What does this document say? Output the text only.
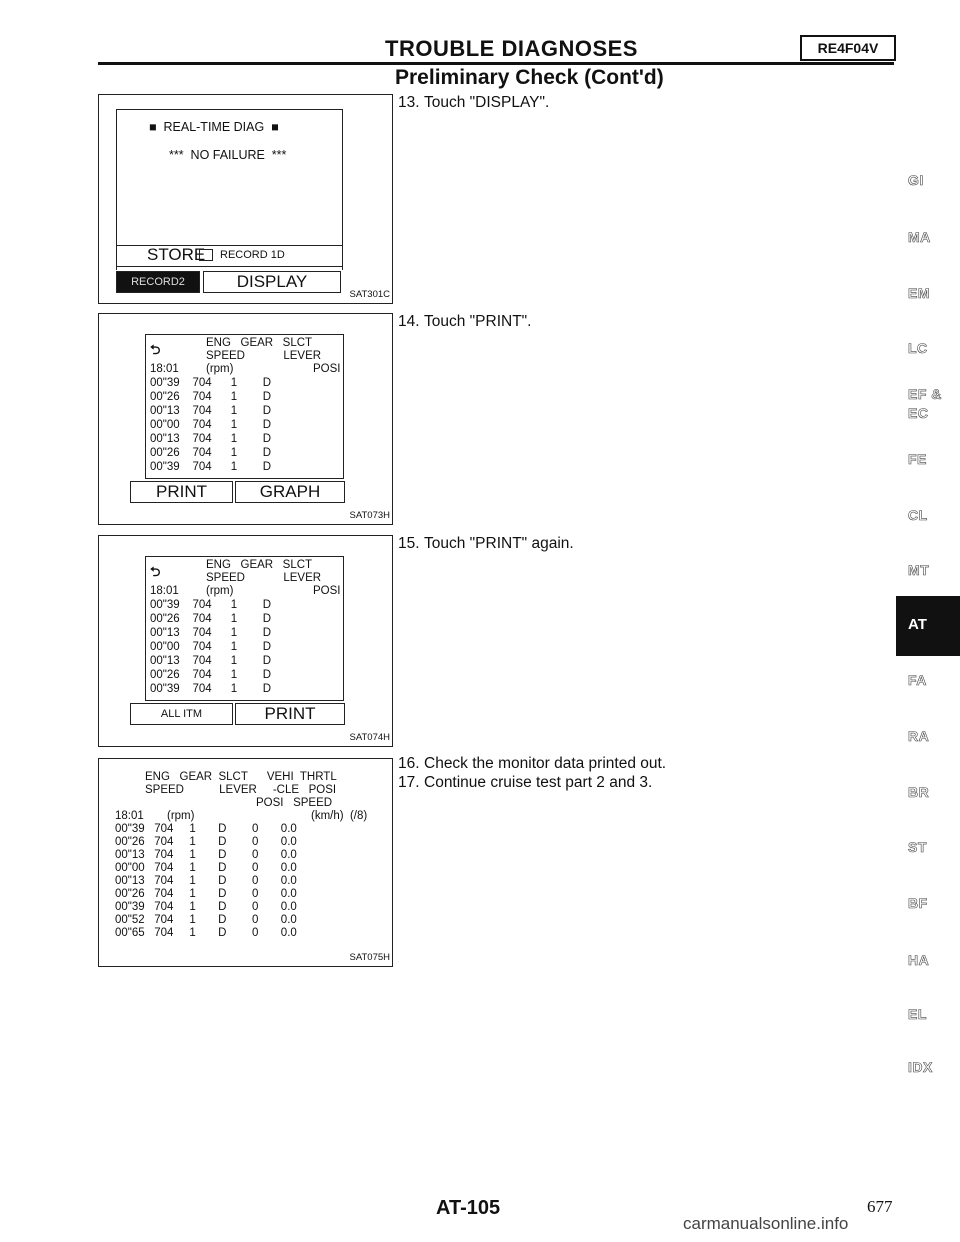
TROUBLE DIAGNOSES	RE4F04V
Preliminary Check (Cont'd)
13. Touch "DISPLAY".
14. Touch "PRINT".
15. Touch "PRINT" again.
16. Check the monitor data printed out.
17. Continue cruise test part 2 and 3.
■  REAL-TIME DIAG  ■
***  NO FAILURE  ***
STORE RECORD 1D
RECORD2	DISPLAY
SAT301C
⮌	ENG   GEAR   SLCT
SPEED            LEVER
18:01 (rpm)	POSI
00"39    704      1        D
00"26    704      1        D
00"13    704      1        D
00"00    704      1        D
00"13    704      1        D
00"26    704      1        D
00"39    704      1        D
PRINT	GRAPH
SAT073H
⮌	ENG   GEAR   SLCT
SPEED            LEVER
18:01 (rpm)	POSI
00"39    704      1        D
00"26    704      1        D
00"13    704      1        D
00"00    704      1        D
00"13    704      1        D
00"26    704      1        D
00"39    704      1        D
ALL ITM	PRINT
SAT074H
ENG   GEAR  SLCT      VEHI  THRTL
SPEED           LEVER     -CLE   POSI
POSI   SPEED
18:01 (rpm)	(km/h)  (/8)
00"39   704     1       D        0       0.0
00"26   704     1       D        0       0.0
00"13   704     1       D        0       0.0
00"00   704     1       D        0       0.0
00"13   704     1       D        0       0.0
00"26   704     1       D        0       0.0
00"39   704     1       D        0       0.0
00"52   704     1       D        0       0.0
00"65   704     1       D        0       0.0
SAT075H
GI
MA
EM
LC
EF &
EC
FE
CL
MT
AT
FA
RA
BR
ST
BF
HA
EL
IDX
AT-105	677
carmanualsonline.info
